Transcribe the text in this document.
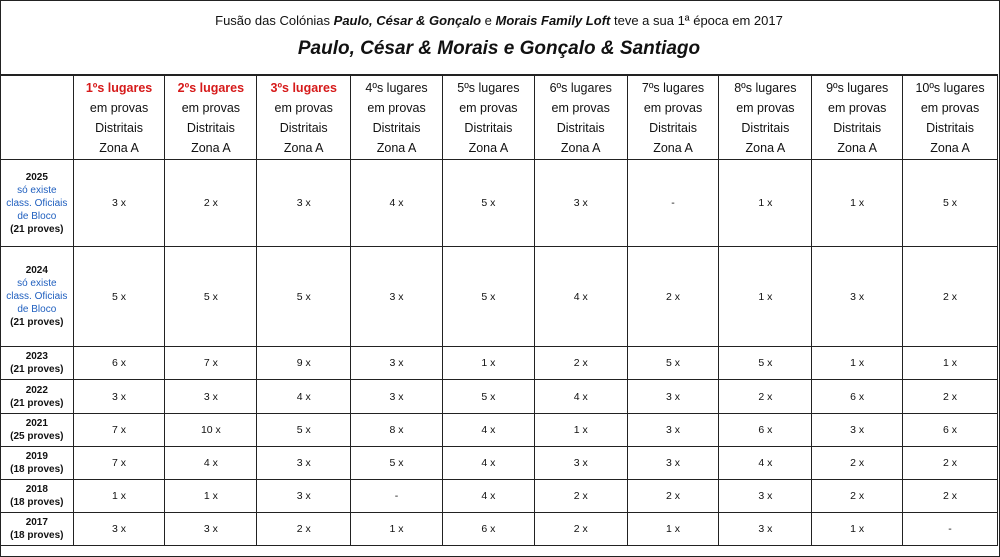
Fusão das Colónias Paulo, César & Gonçalo e Morais Family Loft teve a sua 1ª época em 2017
Paulo, César & Morais e Gonçalo & Santiago

	1ºs lugares
em provas
Distritais
Zona A	2ºs lugares
em provas
Distritais
Zona A	3ºs lugares
em provas
Distritais
Zona A	4ºs lugares
em provas
Distritais
Zona A	5ºs lugares
em provas
Distritais
Zona A	6ºs lugares
em provas
Distritais
Zona A	7ºs lugares
em provas
Distritais
Zona A	8ºs lugares
em provas
Distritais
Zona A	9ºs lugares
em provas
Distritais
Zona A	10ºs lugares
em provas
Distritais
Zona A

2025
só existe
class. Oficiais
de Bloco
(21 proves)	3 x	2 x	3 x	4 x	5 x	3 x	-	1 x	1 x	5 x

2024
só existe
class. Oficiais
de Bloco
(21 proves)	5 x	5 x	5 x	3 x	5 x	4 x	2 x	1 x	3 x	2 x

2023
(21 proves)	6 x	7 x	9 x	3 x	1 x	2 x	5 x	5 x	1 x	1 x

2022
(21 proves)	3 x	3 x	4 x	3 x	5 x	4 x	3 x	2 x	6 x	2 x

2021
(25 proves)	7 x	10 x	5 x	8 x	4 x	1 x	3 x	6 x	3 x	6 x

2019
(18 proves)	7 x	4 x	3 x	5 x	4 x	3 x	3 x	4 x	2 x	2 x

2018
(18 proves)	1 x	1 x	3 x	-	4 x	2 x	2 x	3 x	2 x	2 x

2017
(18 proves)	3 x	3 x	2 x	1 x	6 x	2 x	1 x	3 x	1 x	-
